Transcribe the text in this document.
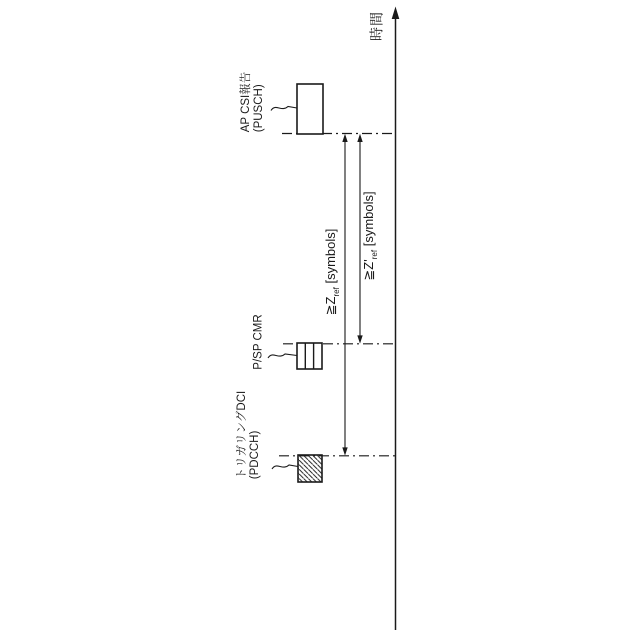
時間
AP CSI報告 (PUSCH)
P/SP CMR
トリガリングDCI (PDCCH)
$≧Z_{ref}$ [symbols]	$≧Z'_{ref}$ [symbols]
